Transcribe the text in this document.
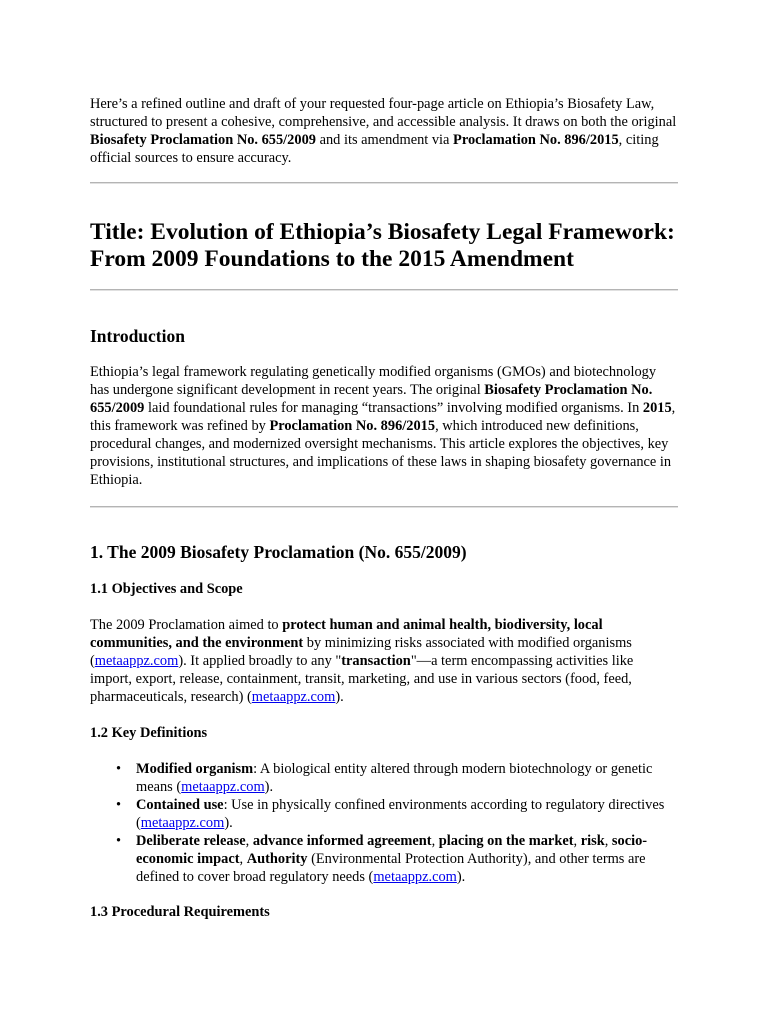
Here’s a refined outline and draft of your requested four-page article on Ethiopia’s Biosafety Law, structured to present a cohesive, comprehensive, and accessible analysis. It draws on both the original Biosafety Proclamation No. 655/2009 and its amendment via Proclamation No. 896/2015, citing official sources to ensure accuracy.

Title: Evolution of Ethiopia’s Biosafety Legal Framework:
From 2009 Foundations to the 2015 Amendment
Introduction

Ethiopia’s legal framework regulating genetically modified organisms (GMOs) and biotechnology has undergone significant development in recent years. The original Biosafety Proclamation No. 655/2009 laid foundational rules for managing “transactions” involving modified organisms. In 2015, this framework was refined by Proclamation No. 896/2015, which introduced new definitions, procedural changes, and modernized oversight mechanisms. This article explores the objectives, key provisions, institutional structures, and implications of these laws in shaping biosafety governance in Ethiopia.

1. The 2009 Biosafety Proclamation (No. 655/2009)
1.1 Objectives and Scope

The 2009 Proclamation aimed to protect human and animal health, biodiversity, local communities, and the environment by minimizing risks associated with modified organisms (metaappz.com). It applied broadly to any "transaction"—a term encompassing activities like import, export, release, containment, transit, marketing, and use in various sectors (food, feed, pharmaceuticals, research) (metaappz.com).

1.2 Key Definitions
• Modified organism: A biological entity altered through modern biotechnology or genetic means (metaappz.com).
• Contained use: Use in physically confined environments according to regulatory directives (metaappz.com).
• Deliberate release, advance informed agreement, placing on the market, risk, socio-economic impact, Authority (Environmental Protection Authority), and other terms are defined to cover broad regulatory needs (metaappz.com).
1.3 Procedural Requirements
